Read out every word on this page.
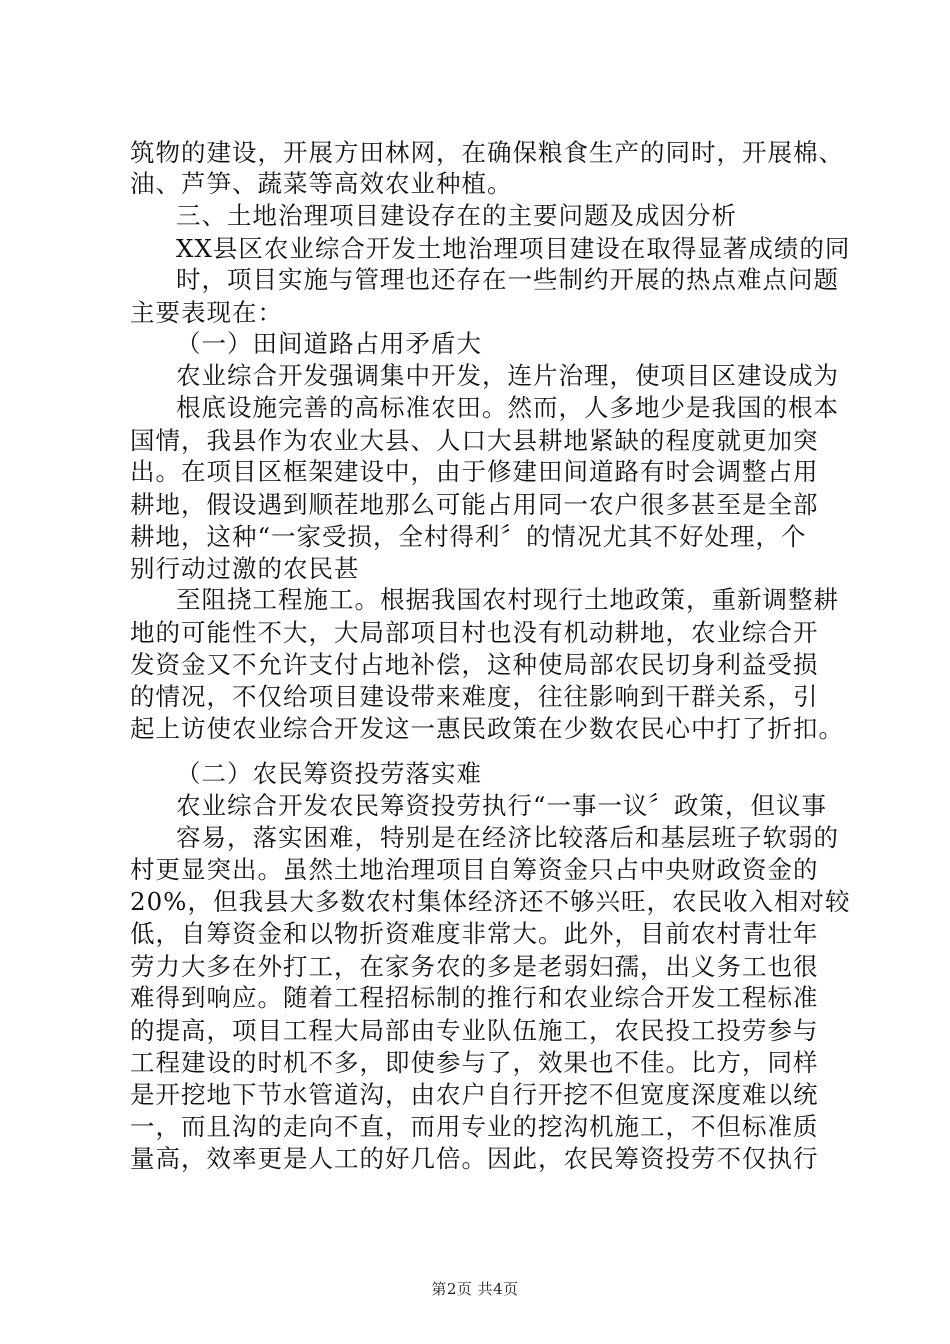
筑物的建设，开展方田林网，在确保粮食生产的同时，开展棉、
油、芦笋、蔬菜等高效农业种植。
三、土地治理项目建设存在的主要问题及成因分析
XX县区农业综合开发土地治理项目建设在取得显著成绩的同
时，项目实施与管理也还存在一些制约开展的热点难点问题
主要表现在：
（一）田间道路占用矛盾大
农业综合开发强调集中开发，连片治理，使项目区建设成为
根底设施完善的高标准农田。然而，人多地少是我国的根本
国情，我县作为农业大县、人口大县耕地紧缺的程度就更加突
出。在项目区框架建设中，由于修建田间道路有时会调整占用
耕地，假设遇到顺茬地那么可能占用同一农户很多甚至是全部
耕地，这种“一家受损，全村得利〞的情况尤其不好处理，个
别行动过激的农民甚
至阻挠工程施工。根据我国农村现行土地政策，重新调整耕
地的可能性不大，大局部项目村也没有机动耕地，农业综合开
发资金又不允许支付占地补偿，这种使局部农民切身利益受损
的情况，不仅给项目建设带来难度，往往影响到干群关系，引
起上访使农业综合开发这一惠民政策在少数农民心中打了折扣。
（二）农民筹资投劳落实难
农业综合开发农民筹资投劳执行“一事一议〞政策，但议事
容易，落实困难，特别是在经济比较落后和基层班子软弱的
村更显突出。虽然土地治理项目自筹资金只占中央财政资金的
20%，但我县大多数农村集体经济还不够兴旺，农民收入相对较
低，自筹资金和以物折资难度非常大。此外，目前农村青壮年
劳力大多在外打工，在家务农的多是老弱妇孺，出义务工也很
难得到响应。随着工程招标制的推行和农业综合开发工程标准
的提高，项目工程大局部由专业队伍施工，农民投工投劳参与
工程建设的时机不多，即使参与了，效果也不佳。比方，同样
是开挖地下节水管道沟，由农户自行开挖不但宽度深度难以统
一，而且沟的走向不直，而用专业的挖沟机施工，不但标准质
量高，效率更是人工的好几倍。因此，农民筹资投劳不仅执行
第2页 共4页
